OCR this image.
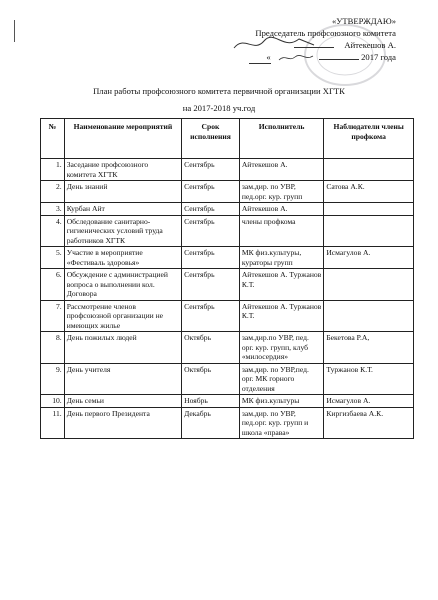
«УТВЕРЖДАЮ»
Председатель профсоюзного комитета
Айтекешов А.
«	2017 года
План работы профсоюзного комитета первичной организации ХГТК
на 2017-2018 уч.год
№	Наименование мероприятий	Срок исполнения	Исполнитель	Наблюдатели члены профкома
1.	Заседание профсоюзного комитета ХГТК	Сентябрь	Айтекешов А.	
2.	День знаний	Сентябрь	зам.дир. по УВР, пед.орг. кур. групп	Сатова А.К.
3.	Курбан Айт	Сентябрь	Айтекешов А.	
4.	Обследование санитарно-гигиенических условий труда работников ХГТК	Сентябрь	члены профкома	
5.	Участие в мероприятие «Фестиваль здоровья»	Сентябрь	МК физ.культуры, кураторы групп	Исмагулов А.
6.	Обсуждение с администрацией вопроса о выполнении кол. Договора	Сентябрь	Айтекешов А. Туржанов К.Т.	
7.	Рассмотрение членов профсоюзной организации не имеющих жилье	Сентябрь	Айтекешов А. Туржанов К.Т.	
8.	День пожилых людей	Октябрь	зам.дир.по УВР, пед. орг. кур. групп, клуб «милосердия»	Бекетова Р.А,
9.	День учителя	Октябрь	зам.дир. по УВР,пед. орг. МК горного отделения	Туржанов К.Т.
10.	День семьи	Ноябрь	МК физ.культуры	Исмагулов А.
11.	День первого Президента	Декабрь	зам.дир. по УВР, пед.орг. кур. групп и школа «права»	Киргизбаева А.К.
